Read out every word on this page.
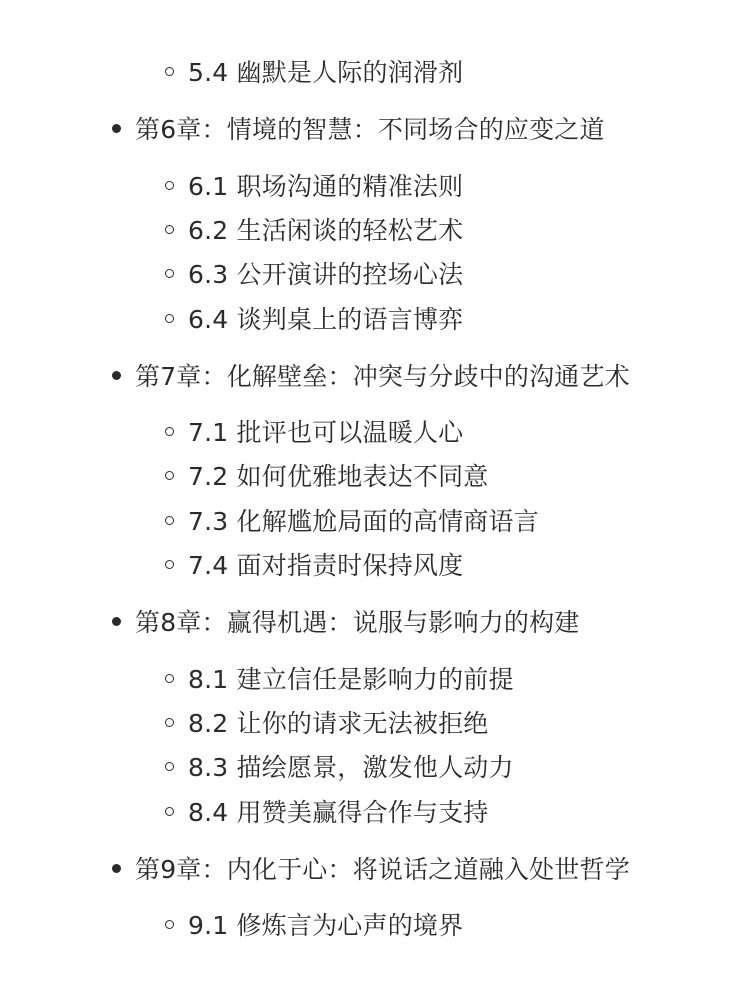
5.4 幽默是人际的润滑剂
第6章：情境的智慧：不同场合的应变之道
6.1 职场沟通的精准法则
6.2 生活闲谈的轻松艺术
6.3 公开演讲的控场心法
6.4 谈判桌上的语言博弈
第7章：化解壁垒：冲突与分歧中的沟通艺术
7.1 批评也可以温暖人心
7.2 如何优雅地表达不同意
7.3 化解尴尬局面的高情商语言
7.4 面对指责时保持风度
第8章：赢得机遇：说服与影响力的构建
8.1 建立信任是影响力的前提
8.2 让你的请求无法被拒绝
8.3 描绘愿景，激发他人动力
8.4 用赞美赢得合作与支持
第9章：内化于心：将说话之道融入处世哲学
9.1 修炼言为心声的境界
